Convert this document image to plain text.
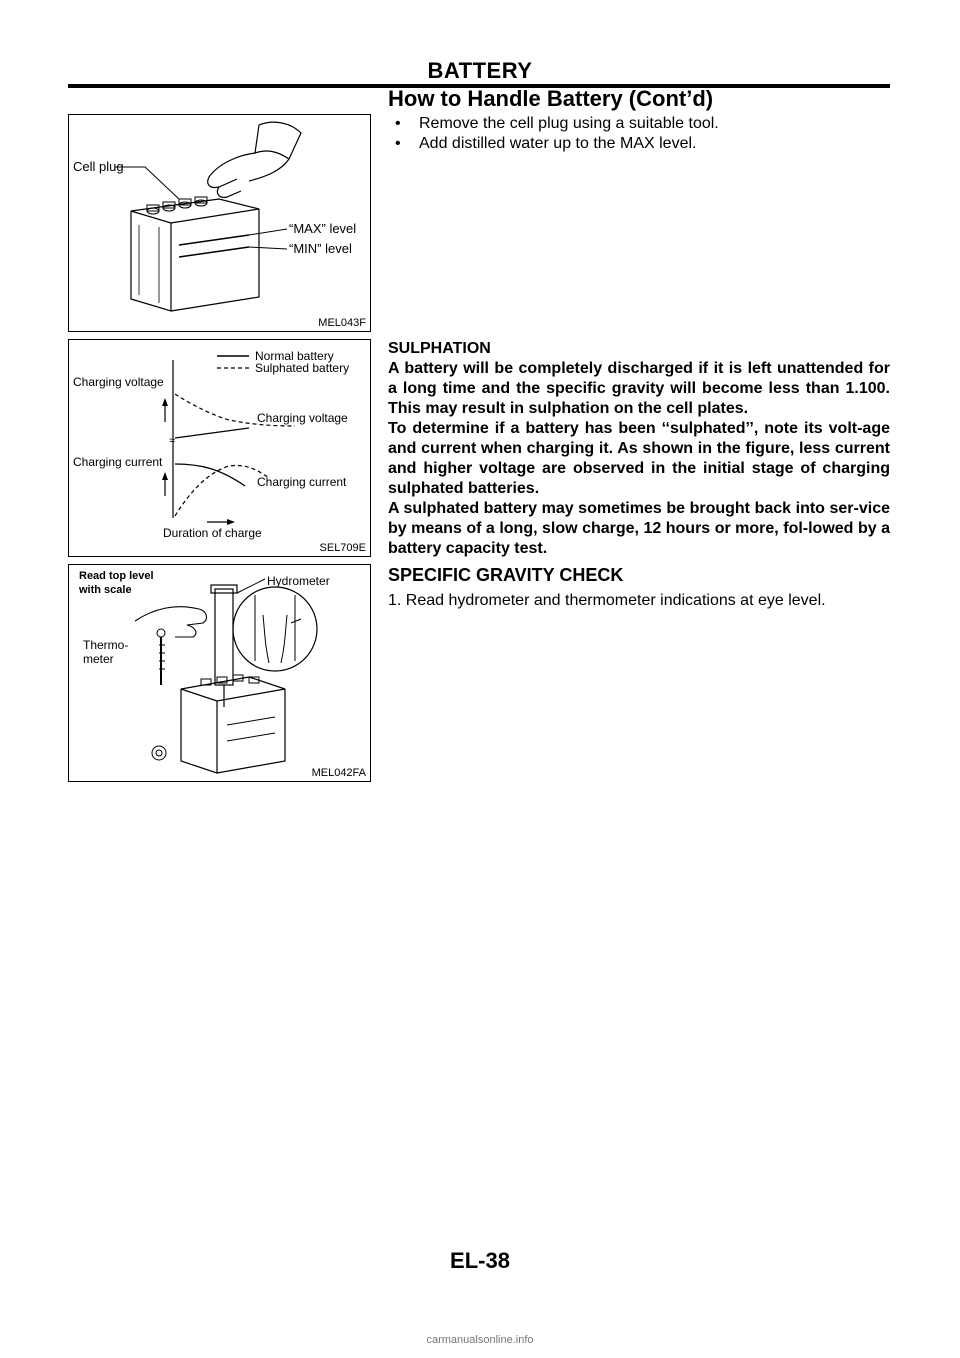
BATTERY
How to Handle Battery (Cont’d)
Cell plug
“MAX” level
“MIN” level
MEL043F
Normal battery
Sulphated battery
≈
Charging voltage
Charging voltage
Charging current
Charging current
Duration of charge
SEL709E
Read top level
with scale
Hydrometer
Thermo-
meter
MEL042FA
• Remove the cell plug using a suitable tool.
• Add distilled water up to the MAX level.

SULPHATION

A battery will be completely discharged if it is left unattended for a long time and the specific gravity will become less than 1.100. This may result in sulphation on the cell plates.

To determine if a battery has been ‘‘sulphated’’, note its volt-age and current when charging it. As shown in the figure, less current and higher voltage are observed in the initial stage of charging sulphated batteries.

A sulphated battery may sometimes be brought back into ser-vice by means of a long, slow charge, 12 hours or more, fol-lowed by a battery capacity test.

SPECIFIC GRAVITY CHECK
1. Read hydrometer and thermometer indications at eye level.
EL-38
carmanualsonline.info
